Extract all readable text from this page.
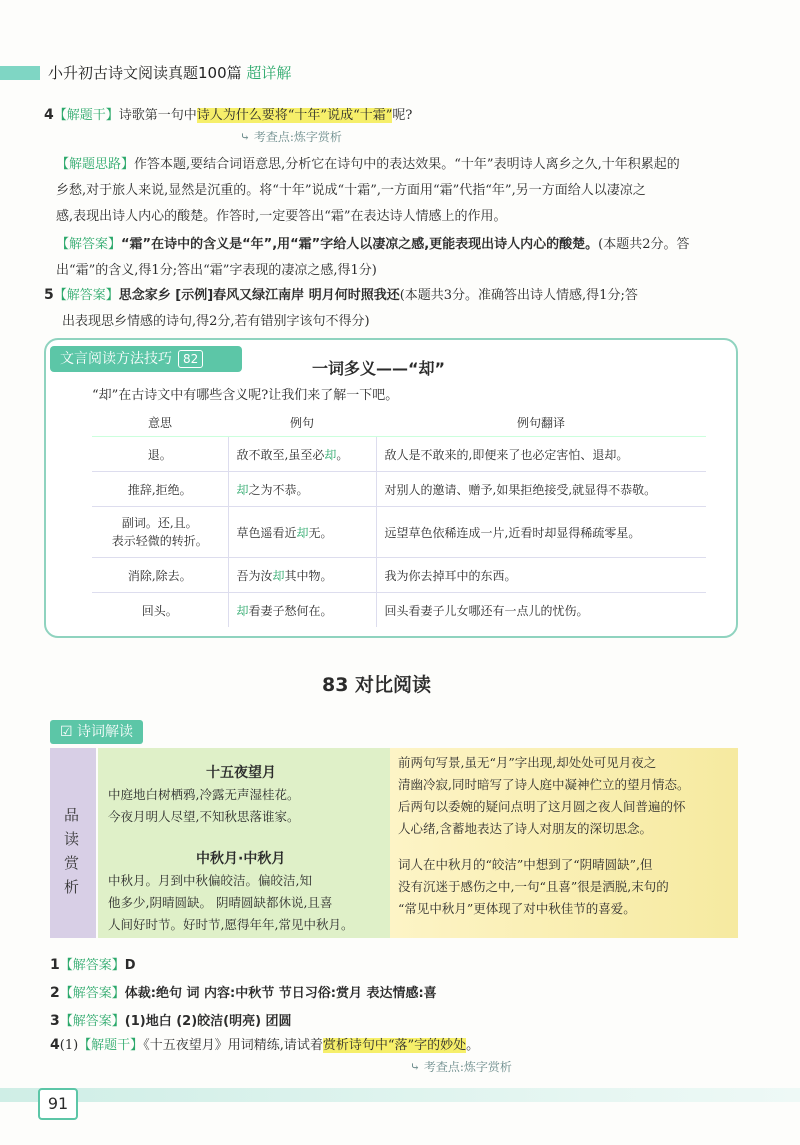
小升初古诗文阅读真题100篇 超详解
4【解题干】诗歌第一句中诗人为什么要将“十年”说成“十霜”呢?
⤷ 考查点:炼字赏析
【解题思路】作答本题,要结合词语意思,分析它在诗句中的表达效果。“十年”表明诗人离乡之久,十年积累起的
乡愁,对于旅人来说,显然是沉重的。将“十年”说成“十霜”,一方面用“霜”代指“年”,另一方面给人以凄凉之
感,表现出诗人内心的酸楚。作答时,一定要答出“霜”在表达诗人情感上的作用。
【解答案】“霜”在诗中的含义是“年”,用“霜”字给人以凄凉之感,更能表现出诗人内心的酸楚。(本题共2分。答
出“霜”的含义,得1分;答出“霜”字表现的凄凉之感,得1分)
5【解答案】思念家乡 [示例]春风又绿江南岸 明月何时照我还(本题共3分。准确答出诗人情感,得1分;答
出表现思乡情感的诗句,得2分,若有错别字该句不得分)
文言阅读方法技巧 82	一词多义——“却”
“却”在古诗文中有哪些含义呢?让我们来了解一下吧。
意思	例句	例句翻译
退。	敌不敢至,虽至必却。	敌人是不敢来的,即便来了也必定害怕、退却。
推辞,拒绝。	却之为不恭。	对别人的邀请、赠予,如果拒绝接受,就显得不恭敬。

副词。还,且。
表示轻微的转折。	草色遥看近却无。	远望草色依稀连成一片,近看时却显得稀疏零星。
消除,除去。	吾为汝却其中物。	我为你去掉耳中的东西。
回头。	却看妻子愁何在。	回头看妻子儿女哪还有一点儿的忧伤。
83 对比阅读
☑ 诗词解读
品
读
赏
析
十五夜望月
中庭地白树栖鸦,冷露无声湿桂花。
今夜月明人尽望,不知秋思落谁家。
中秋月·中秋月
中秋月。月到中秋偏皎洁。偏皎洁,知
他多少,阴晴圆缺。 阴晴圆缺都休说,且喜
人间好时节。好时节,愿得年年,常见中秋月。
前两句写景,虽无“月”字出现,却处处可见月夜之
清幽冷寂,同时暗写了诗人庭中凝神伫立的望月情态。
后两句以委婉的疑问点明了这月圆之夜人间普遍的怀
人心绪,含蓄地表达了诗人对朋友的深切思念。
词人在中秋月的“皎洁”中想到了“阴晴圆缺”,但
没有沉迷于感伤之中,一句“且喜”很是洒脱,末句的
“常见中秋月”更体现了对中秋佳节的喜爱。
1【解答案】D
2【解答案】体裁:绝句 词 内容:中秋节 节日习俗:赏月 表达情感:喜
3【解答案】(1)地白 (2)皎洁(明亮) 团圆
4(1)【解题干】《十五夜望月》用词精练,请试着赏析诗句中“落”字的妙处。
⤷ 考查点:炼字赏析
91
